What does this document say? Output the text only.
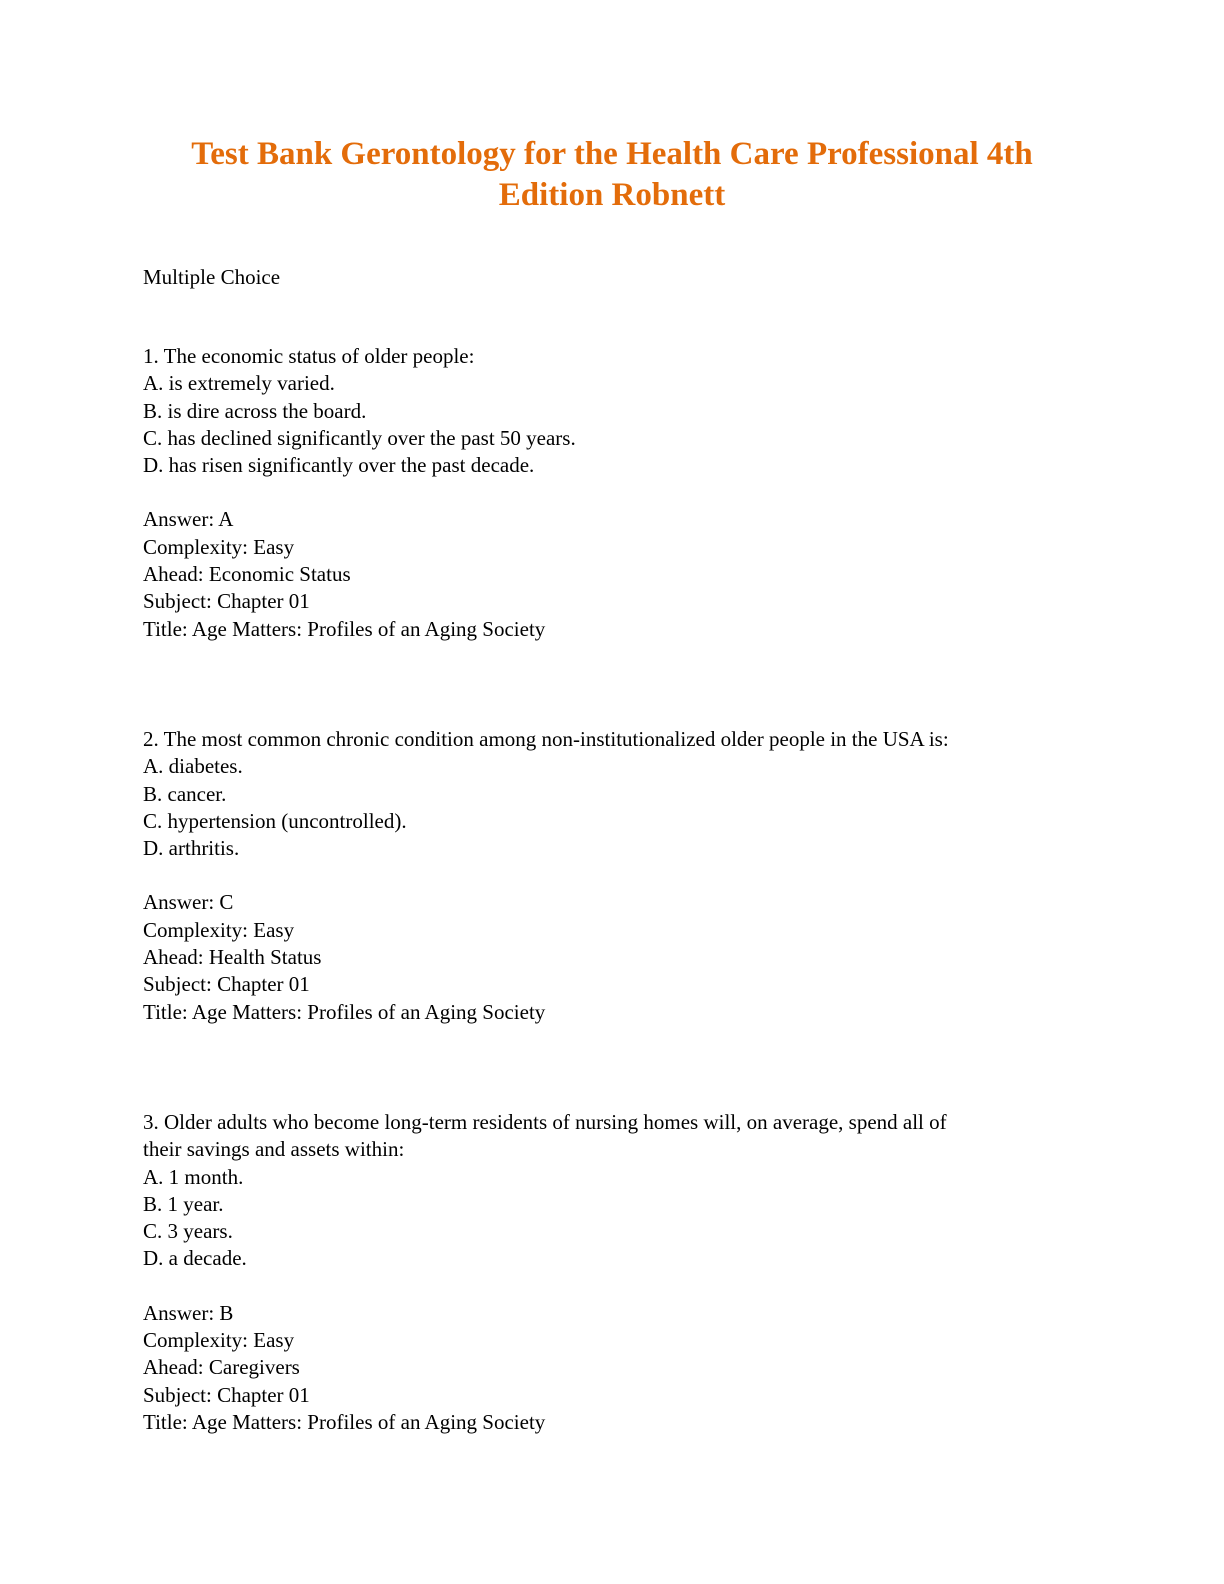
Test Bank Gerontology for the Health Care Professional 4th
Edition Robnett

Multiple Choice

1. The economic status of older people:

A. is extremely varied.

B. is dire across the board.

C. has declined significantly over the past 50 years.

D. has risen significantly over the past decade.

Answer: A

Complexity: Easy

Ahead: Economic Status

Subject: Chapter 01

Title: Age Matters: Profiles of an Aging Society

2. The most common chronic condition among non-institutionalized older people in the USA is:

A. diabetes.

B. cancer.

C. hypertension (uncontrolled).

D. arthritis.

Answer: C

Complexity: Easy

Ahead: Health Status

Subject: Chapter 01

Title: Age Matters: Profiles of an Aging Society

3. Older adults who become long-term residents of nursing homes will, on average, spend all of

their savings and assets within:

A. 1 month.

B. 1 year.

C. 3 years.

D. a decade.

Answer: B

Complexity: Easy

Ahead: Caregivers

Subject: Chapter 01

Title: Age Matters: Profiles of an Aging Society
